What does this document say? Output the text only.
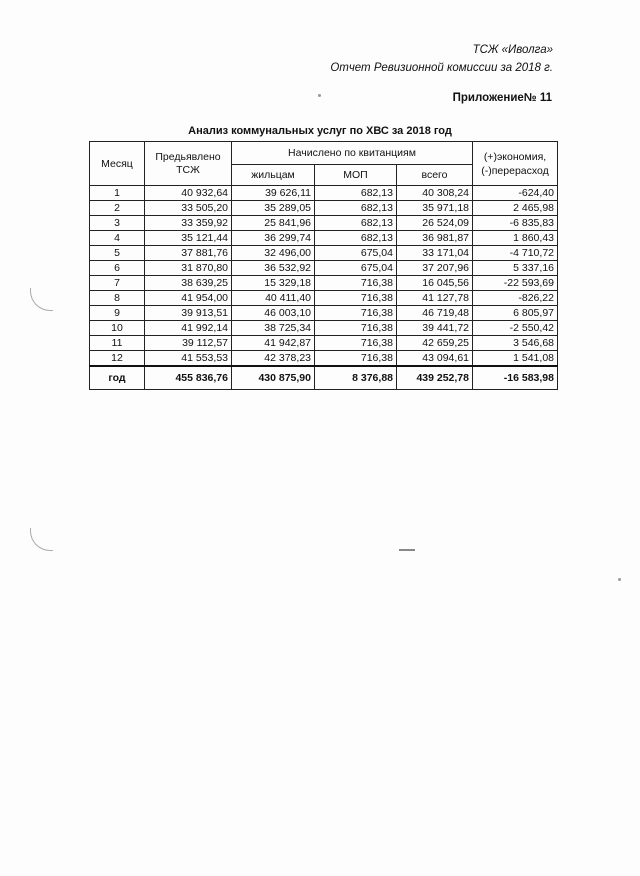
ТСЖ «Иволга»
Отчет Ревизионной комиссии за 2018 г.
Приложение№ 11
Анализ коммунальных услуг по ХВС за 2018 год
Месяц	Предьявлено ТСЖ	Начислено по квитанциям			(+)экономия, (-)перерасход
		жильцам	МОП	всего	
1	40 932,64	39 626,11	682,13	40 308,24	-624,40
2	33 505,20	35 289,05	682,13	35 971,18	2 465,98
3	33 359,92	25 841,96	682,13	26 524,09	-6 835,83
4	35 121,44	36 299,74	682,13	36 981,87	1 860,43
5	37 881,76	32 496,00	675,04	33 171,04	-4 710,72
6	31 870,80	36 532,92	675,04	37 207,96	5 337,16
7	38 639,25	15 329,18	716,38	16 045,56	-22 593,69
8	41 954,00	40 411,40	716,38	41 127,78	-826,22
9	39 913,51	46 003,10	716,38	46 719,48	6 805,97
10	41 992,14	38 725,34	716,38	39 441,72	-2 550,42
11	39 112,57	41 942,87	716,38	42 659,25	3 546,68
12	41 553,53	42 378,23	716,38	43 094,61	1 541,08
год	455 836,76	430 875,90	8 376,88	439 252,78	-16 583,98
